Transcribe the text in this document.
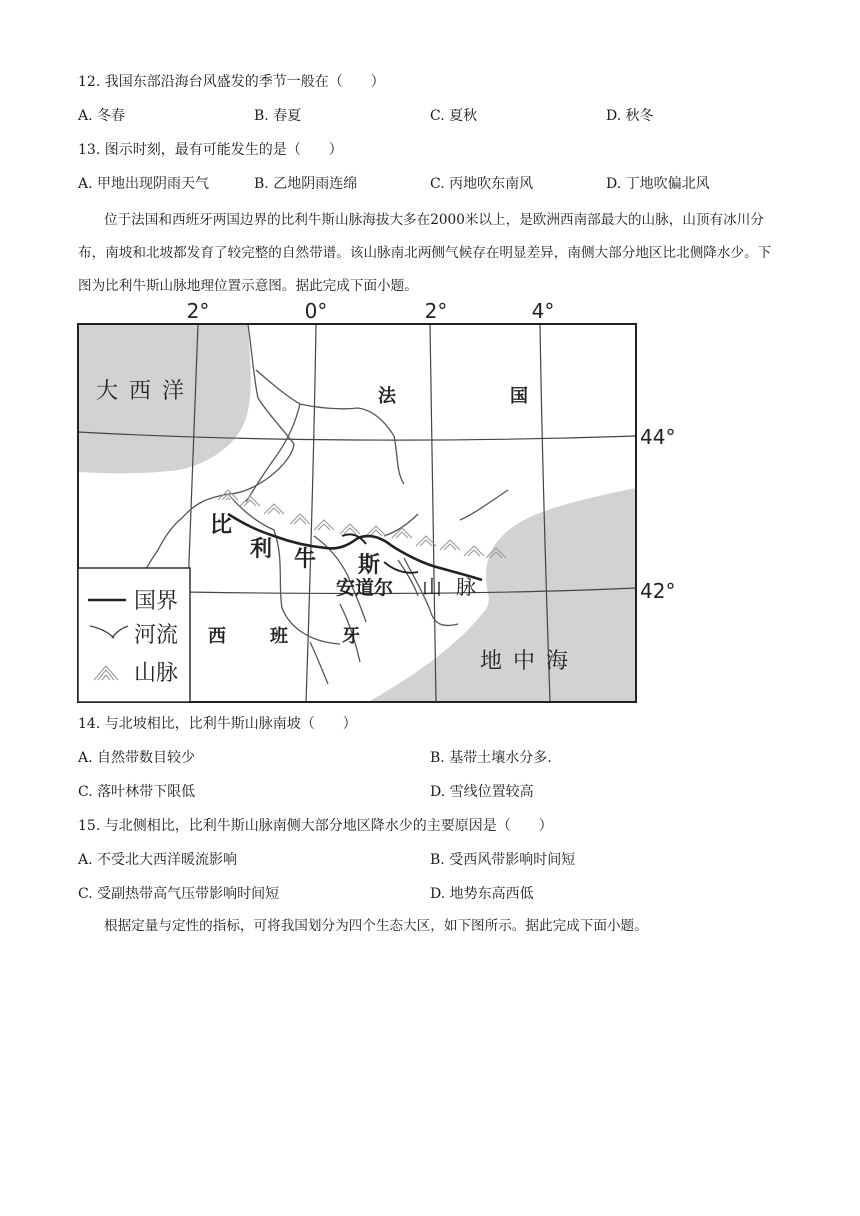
12. 我国东部沿海台风盛发的季节一般在（　　）
A. 冬春	B. 春夏	C. 夏秋	D. 秋冬
13. 图示时刻，最有可能发生的是（　　）
A. 甲地出现阴雨天气	B. 乙地阴雨连绵	C. 丙地吹东南风	D. 丁地吹偏北风
位于法国和西班牙两国边界的比利牛斯山脉海拔大多在2000米以上，是欧洲西南部最大的山脉，山顶有冰川分布，南坡和北坡都发育了较完整的自然带谱。该山脉南北两侧气候存在明显差异，南侧大部分地区比北侧降水少。下图为比利牛斯山脉地理位置示意图。据此完成下面小题。
2°	0°	2°	4°
大 西 洋	法	国
比
利 牛 斯
安道尔 山 脉
西 班	牙
地 中 海
国界
河流
山脉
44°
42°
14. 与北坡相比，比利牛斯山脉南坡（　　）
A. 自然带数目较少	B. 基带土壤水分多.
C. 落叶林带下限低	D. 雪线位置较高
15. 与北侧相比，比利牛斯山脉南侧大部分地区降水少的主要原因是（　　）
A. 不受北大西洋暖流影响	B. 受西风带影响时间短
C. 受副热带高气压带影响时间短	D. 地势东高西低
根据定量与定性的指标，可将我国划分为四个生态大区，如下图所示。据此完成下面小题。
